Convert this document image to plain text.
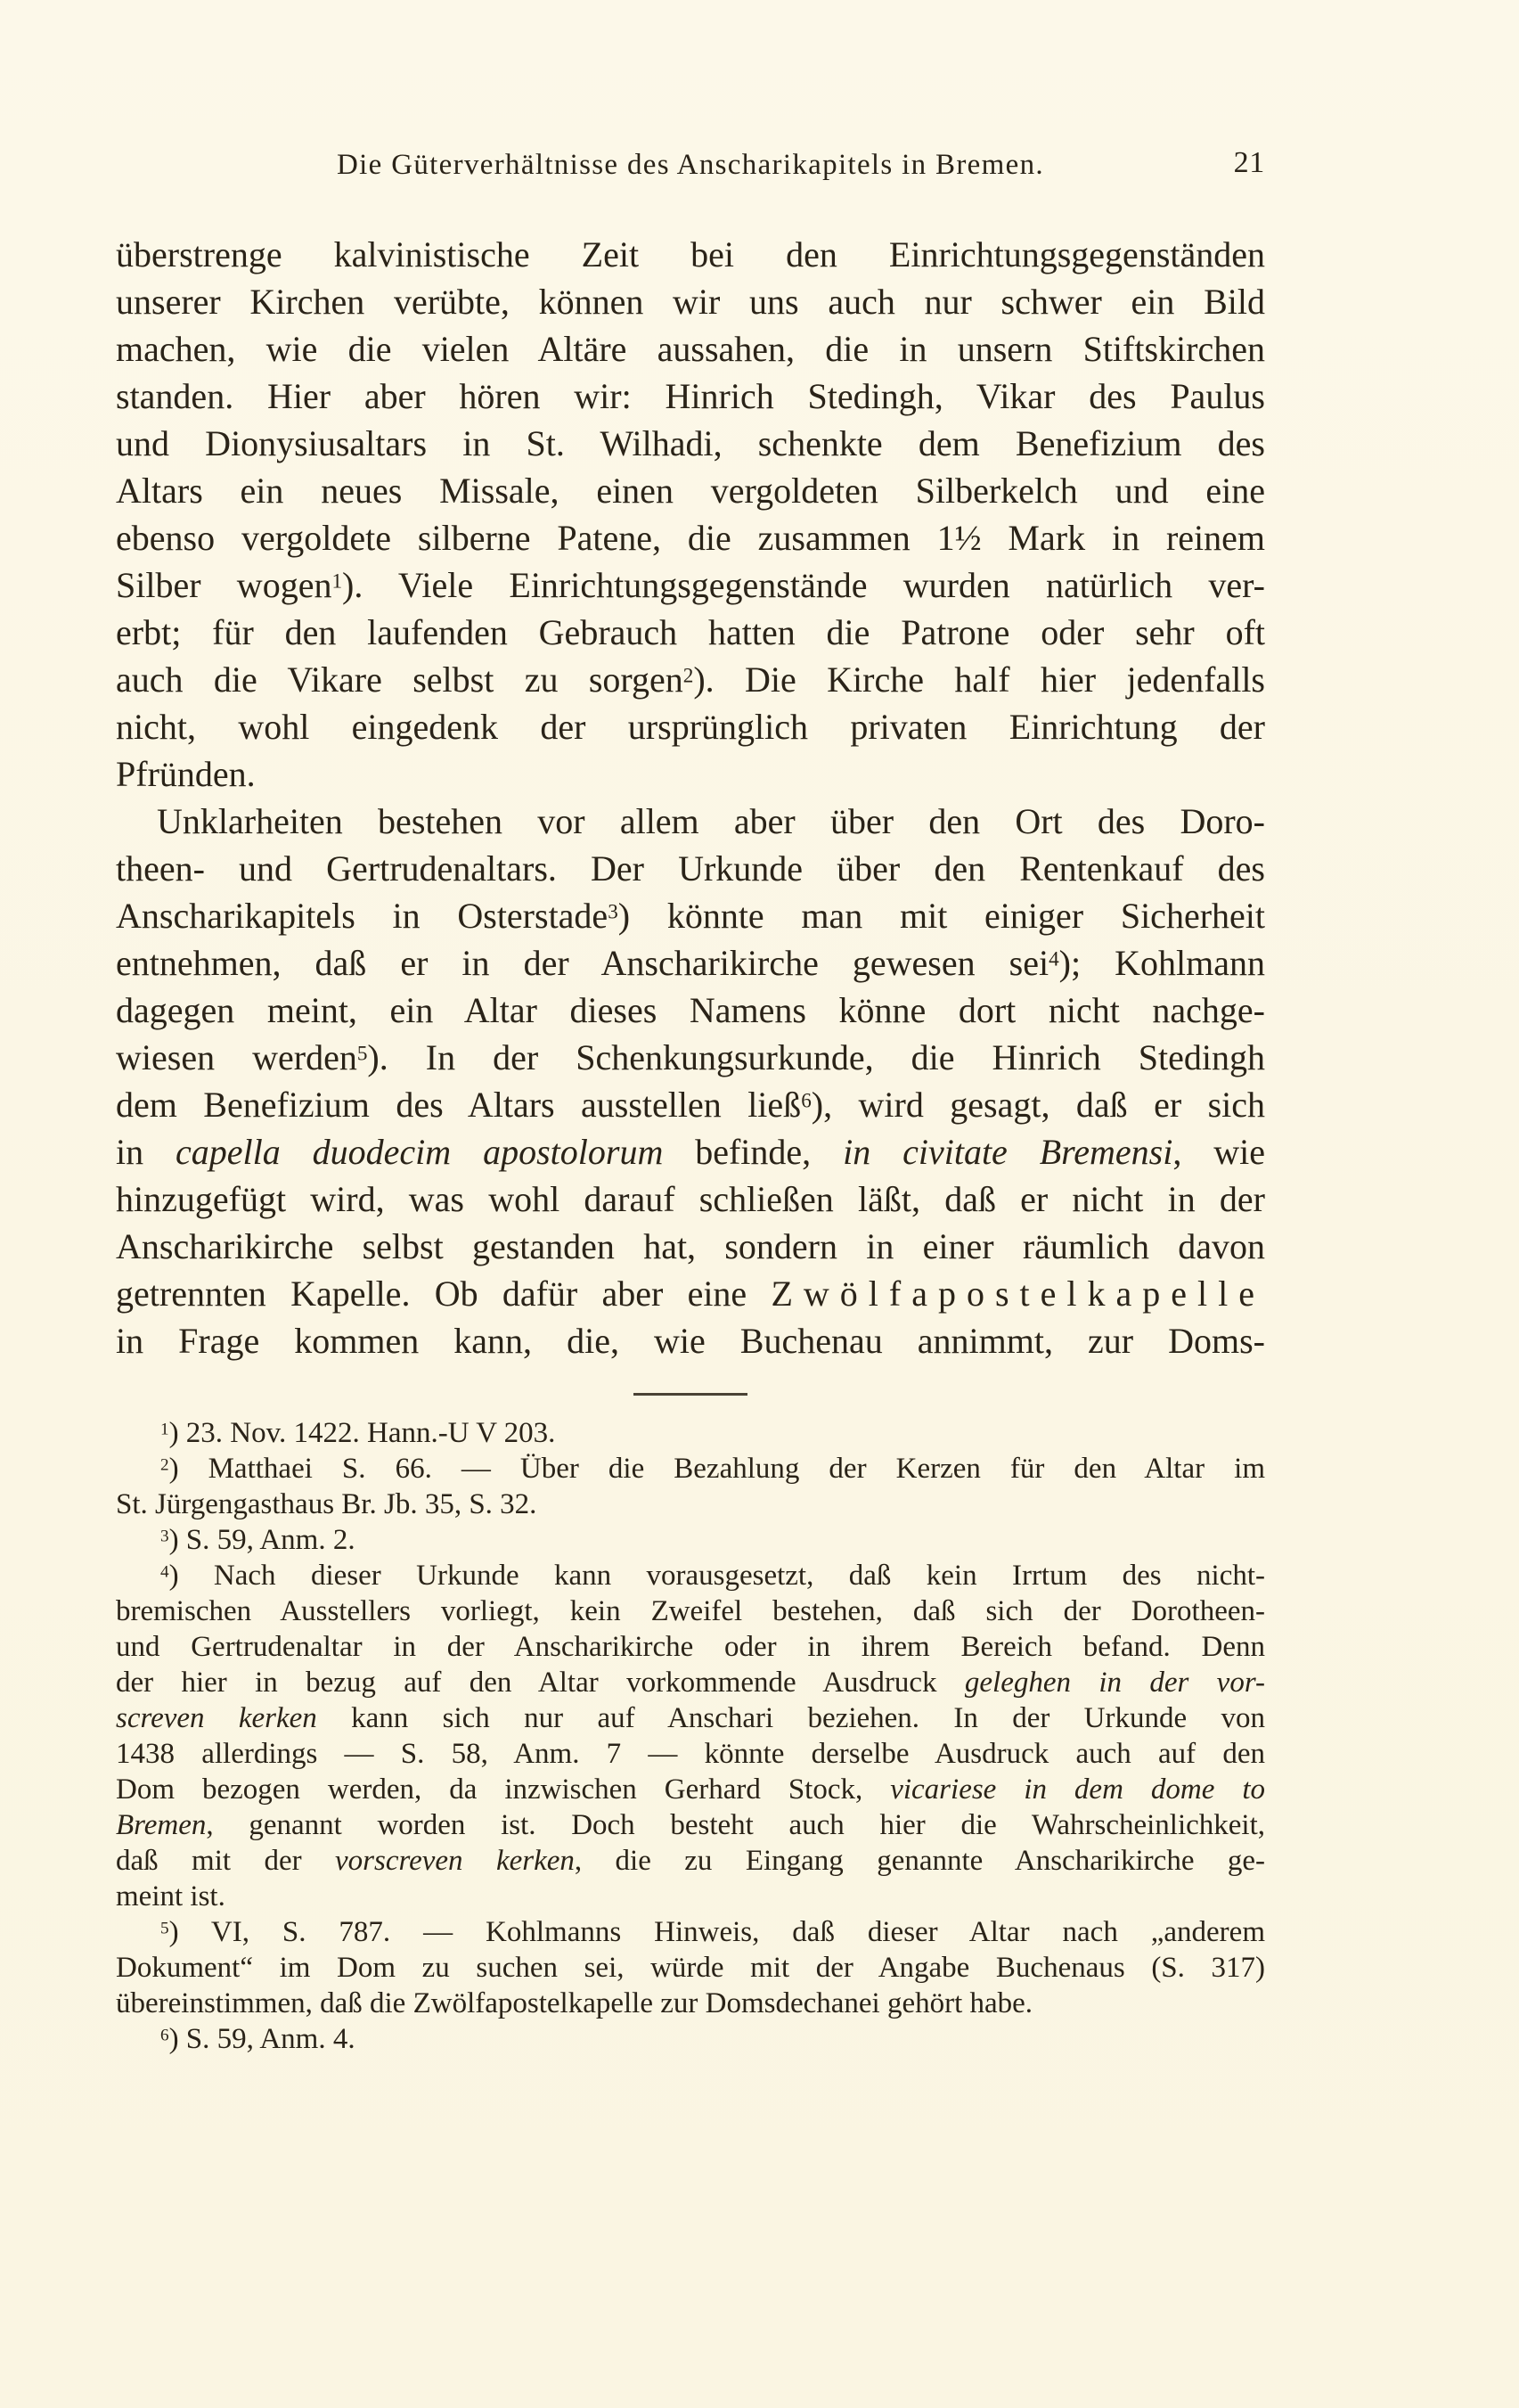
Die Güterverhältnisse des Anscharikapitels in Bremen.	21
überstrenge kalvinistische Zeit bei den Einrichtungsgegenständen
unserer Kirchen verübte, können wir uns auch nur schwer ein Bild
machen, wie die vielen Altäre aussahen, die in unsern Stiftskirchen
standen. Hier aber hören wir: Hinrich Stedingh, Vikar des Paulus
und Dionysiusaltars in St. Wilhadi, schenkte dem Benefizium des
Altars ein neues Missale, einen vergoldeten Silberkelch und eine
ebenso vergoldete silberne Patene, die zusammen 1½ Mark in reinem
Silber wogen$^1$). Viele Einrichtungsgegenstände wurden natürlich ver-
erbt; für den laufenden Gebrauch hatten die Patrone oder sehr oft
auch die Vikare selbst zu sorgen$^2$). Die Kirche half hier jedenfalls
nicht, wohl eingedenk der ursprünglich privaten Einrichtung der
Pfründen.
Unklarheiten bestehen vor allem aber über den Ort des Doro-
theen- und Gertrudenaltars. Der Urkunde über den Rentenkauf des
Anscharikapitels in Osterstade$^3$) könnte man mit einiger Sicherheit
entnehmen, daß er in der Anscharikirche gewesen sei$^4$); Kohlmann
dagegen meint, ein Altar dieses Namens könne dort nicht nachge-
wiesen werden$^5$). In der Schenkungsurkunde, die Hinrich Stedingh
dem Benefizium des Altars ausstellen ließ$^6$), wird gesagt, daß er sich
in capella duodecim apostolorum befinde, in civitate Bremensi, wie
hinzugefügt wird, was wohl darauf schließen läßt, daß er nicht in der
Anscharikirche selbst gestanden hat, sondern in einer räumlich davon
getrennten Kapelle. Ob dafür aber eine Zwölfapostelkapelle
in Frage kommen kann, die, wie Buchenau annimmt, zur Doms-
$^1$) 23. Nov. 1422. Hann.-U V 203.
$^2$) Matthaei S. 66. — Über die Bezahlung der Kerzen für den Altar im
St. Jürgengasthaus Br. Jb. 35, S. 32.
$^3$) S. 59, Anm. 2.
$^4$) Nach dieser Urkunde kann vorausgesetzt, daß kein Irrtum des nicht-
bremischen Ausstellers vorliegt, kein Zweifel bestehen, daß sich der Dorotheen-
und Gertrudenaltar in der Anscharikirche oder in ihrem Bereich befand. Denn
der hier in bezug auf den Altar vorkommende Ausdruck geleghen in der vor-
screven kerken kann sich nur auf Anschari beziehen. In der Urkunde von
1438 allerdings — S. 58, Anm. 7 — könnte derselbe Ausdruck auch auf den
Dom bezogen werden, da inzwischen Gerhard Stock, vicariese in dem dome to
Bremen, genannt worden ist. Doch besteht auch hier die Wahrscheinlichkeit,
daß mit der vorscreven kerken, die zu Eingang genannte Anscharikirche ge-
meint ist.
$^5$) VI, S. 787. — Kohlmanns Hinweis, daß dieser Altar nach „anderem
Dokument“ im Dom zu suchen sei, würde mit der Angabe Buchenaus (S. 317)
übereinstimmen, daß die Zwölfapostelkapelle zur Domsdechanei gehört habe.
$^6$) S. 59, Anm. 4.
